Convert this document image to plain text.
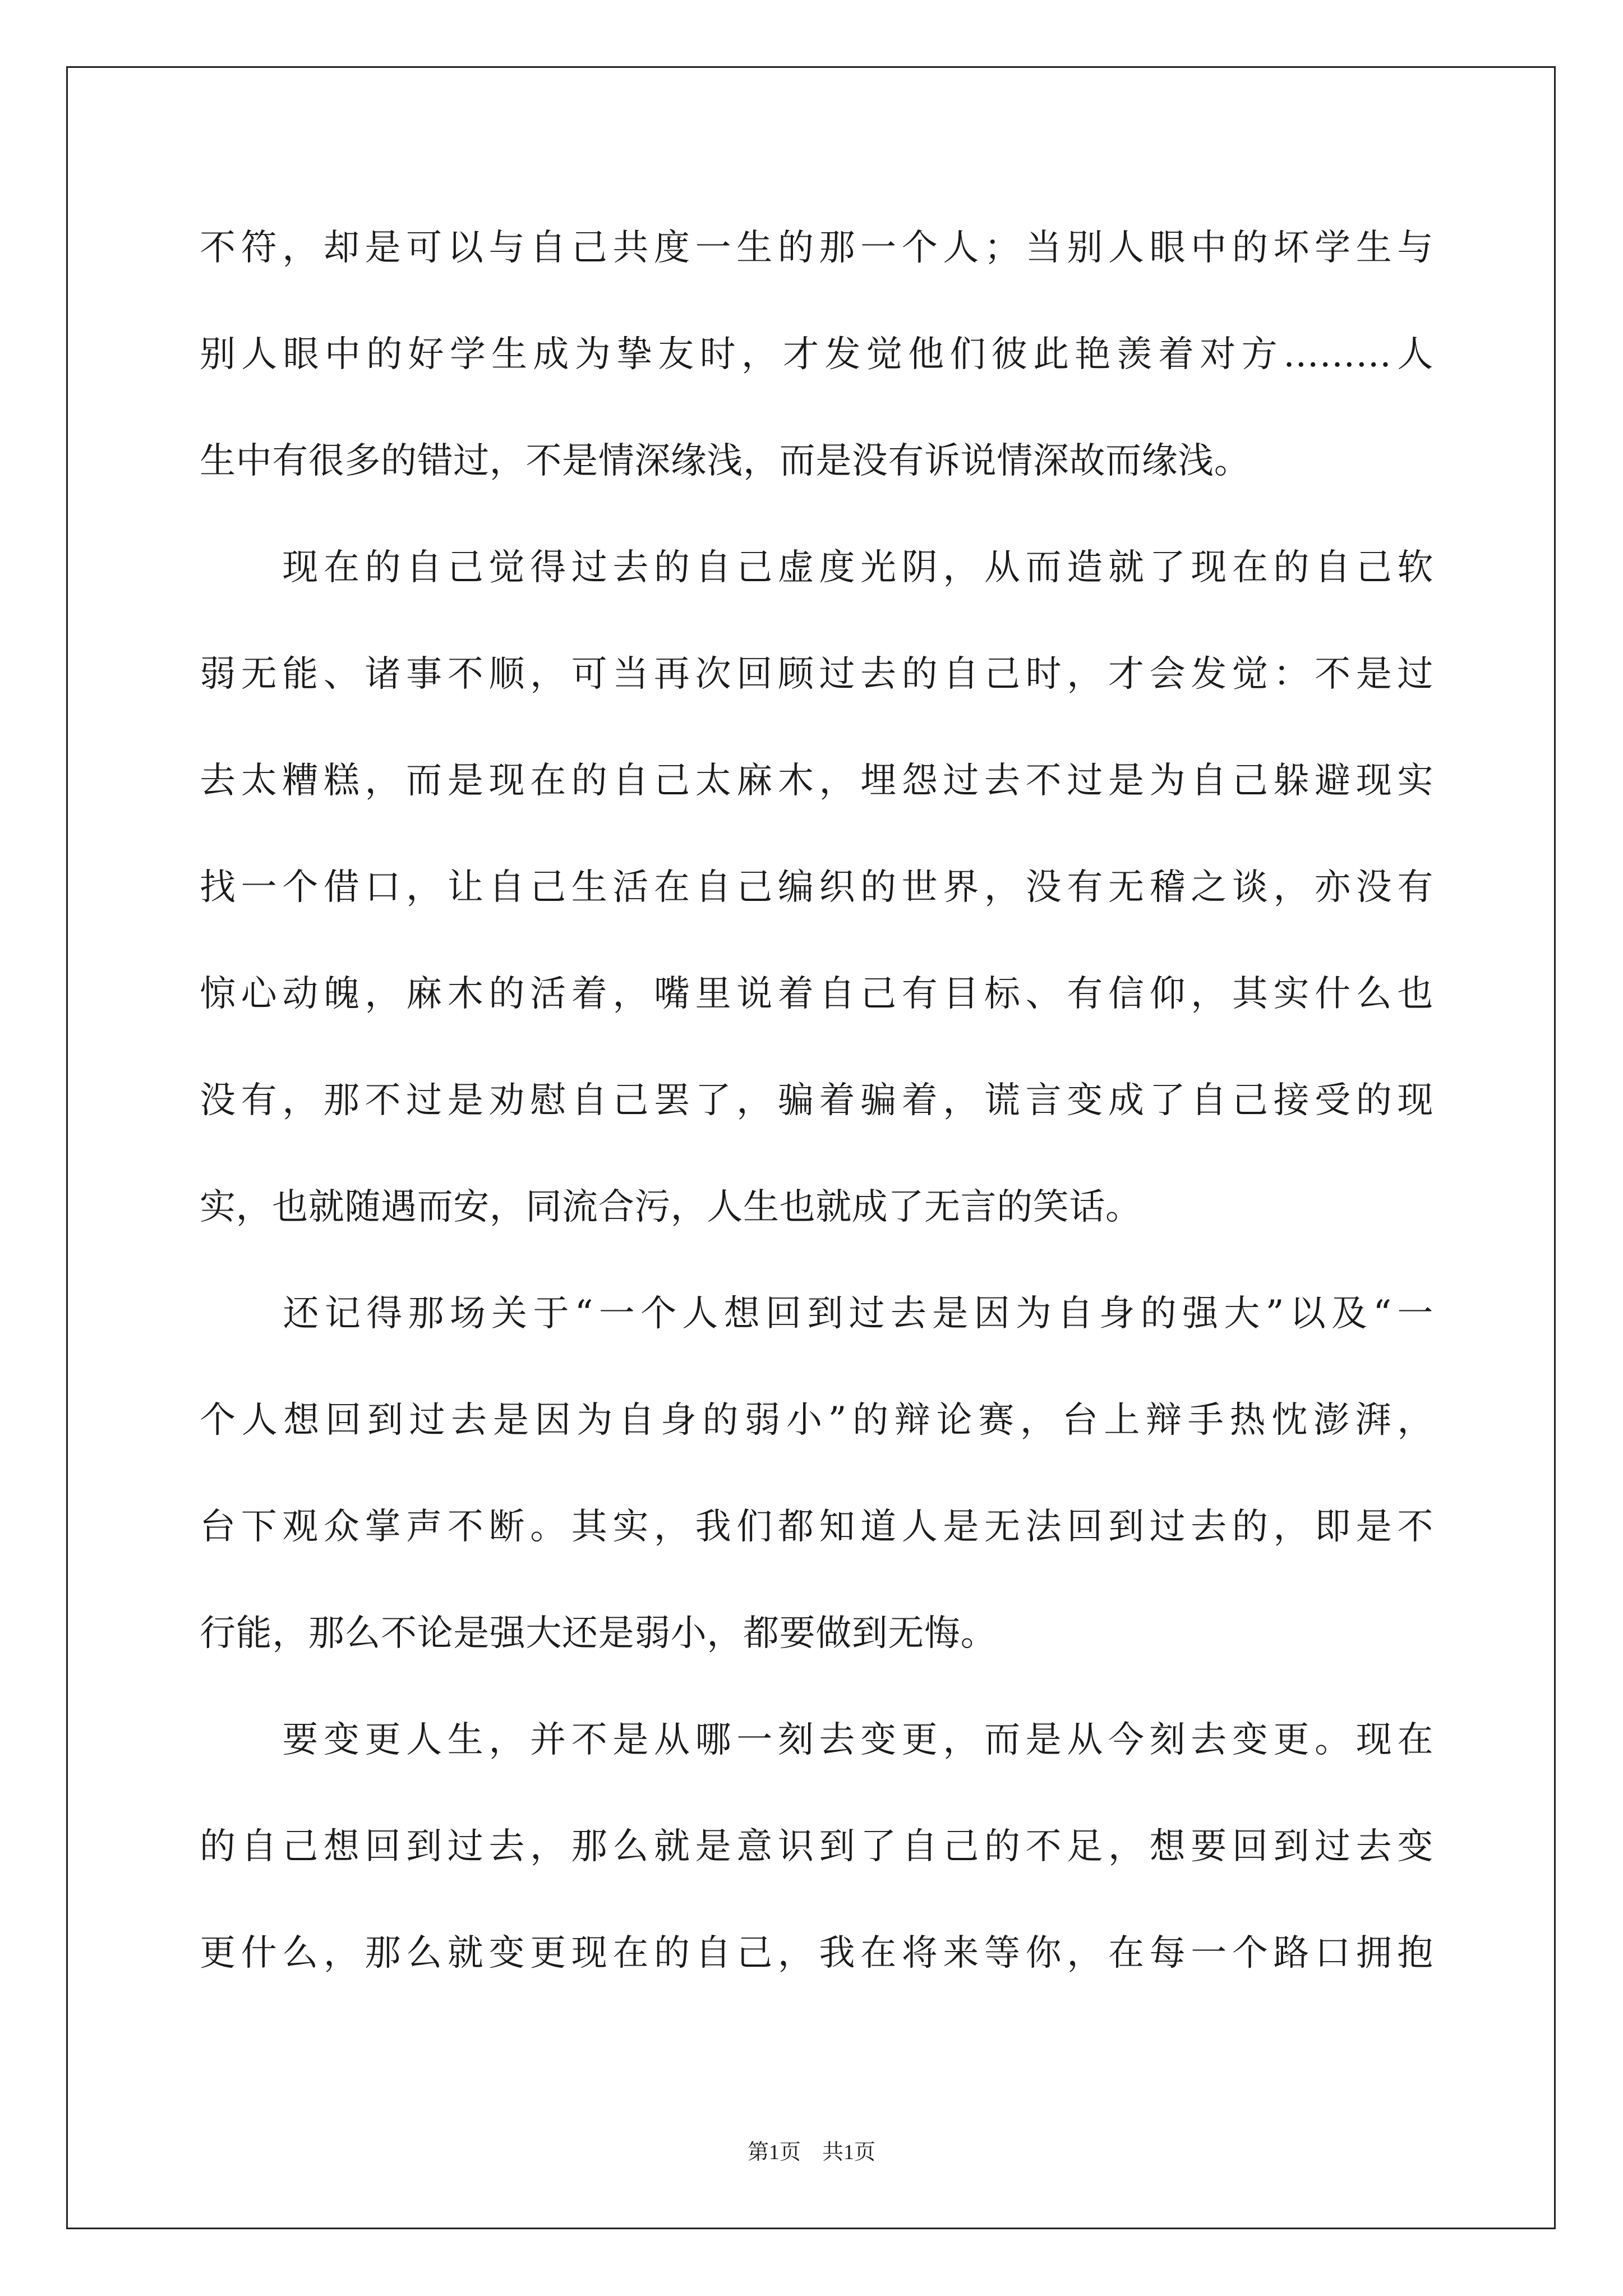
不符，却是可以与自己共度一生的那一个人；当别人眼中的坏学生与
别人眼中的好学生成为挚友时，才发觉他们彼此艳羡着对方………人
生中有很多的错过，不是情深缘浅，而是没有诉说情深故而缘浅。
　　现在的自己觉得过去的自己虚度光阴，从而造就了现在的自己软
弱无能、诸事不顺，可当再次回顾过去的自己时，才会发觉：不是过
去太糟糕，而是现在的自己太麻木，埋怨过去不过是为自己躲避现实
找一个借口，让自己生活在自己编织的世界，没有无稽之谈，亦没有
惊心动魄，麻木的活着，嘴里说着自己有目标、有信仰，其实什么也
没有，那不过是劝慰自己罢了，骗着骗着，谎言变成了自己接受的现
实，也就随遇而安，同流合污，人生也就成了无言的笑话。
　　还记得那场关于“一个人想回到过去是因为自身的强大”以及“一
个人想回到过去是因为自身的弱小”的辩论赛，台上辩手热忱澎湃，
台下观众掌声不断。其实，我们都知道人是无法回到过去的，即是不
行能，那么不论是强大还是弱小，都要做到无悔。
　　要变更人生，并不是从哪一刻去变更，而是从今刻去变更。现在
的自己想回到过去，那么就是意识到了自己的不足，想要回到过去变
更什么，那么就变更现在的自己，我在将来等你，在每一个路口拥抱
第1页　共1页
